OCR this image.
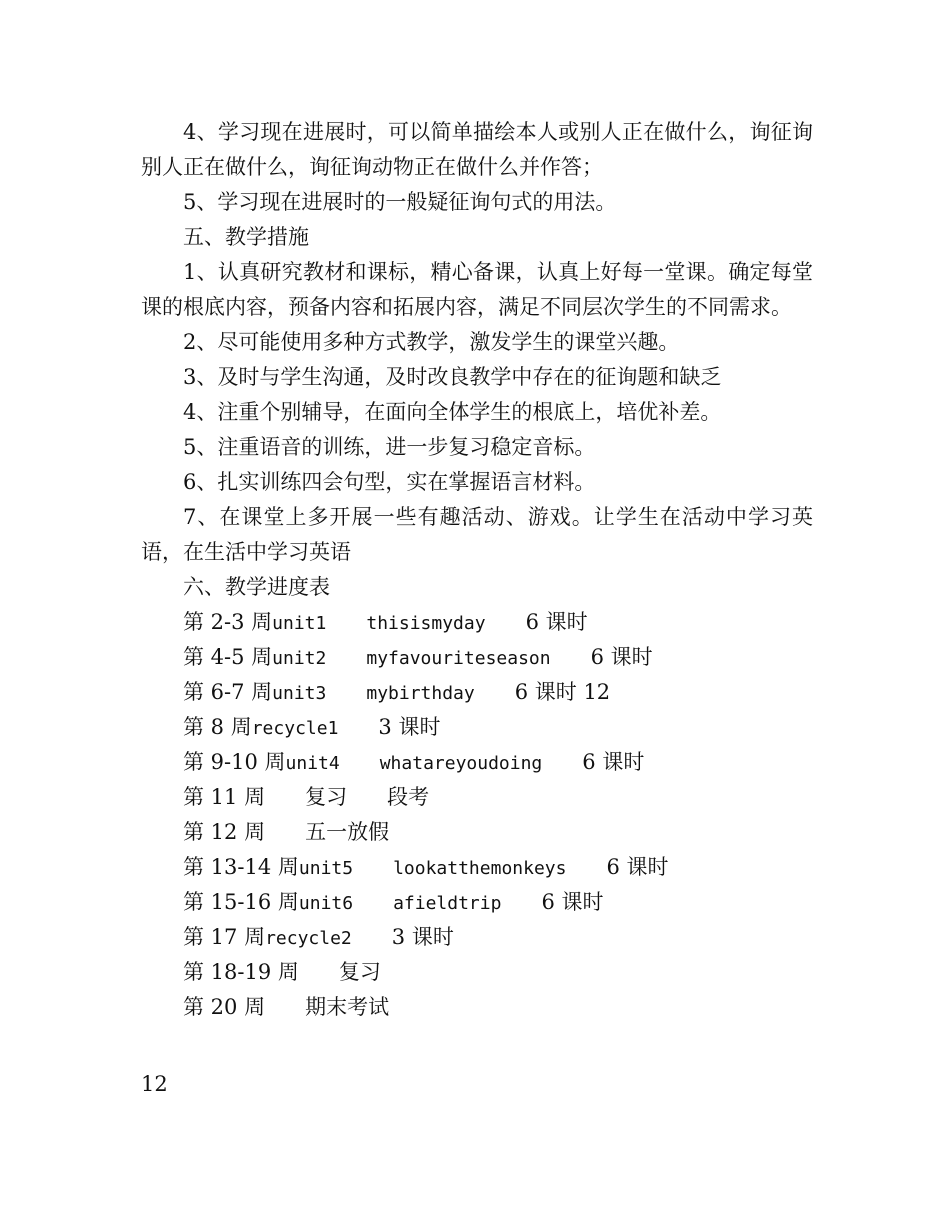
4、学习现在进展时，可以简单描绘本人或别人正在做什么，询征询别人正在做什么，询征询动物正在做什么并作答；

5、学习现在进展时的一般疑征询句式的用法。

五、教学措施

1、认真研究教材和课标，精心备课，认真上好每一堂课。确定每堂课的根底内容，预备内容和拓展内容，满足不同层次学生的不同需求。

2、尽可能使用多种方式教学，激发学生的课堂兴趣。

3、及时与学生沟通，及时改良教学中存在的征询题和缺乏

4、注重个别辅导，在面向全体学生的根底上，培优补差。

5、注重语音的训练，进一步复习稳定音标。

6、扎实训练四会句型，实在掌握语言材料。

7、在课堂上多开展一些有趣活动、游戏。让学生在活动中学习英语，在生活中学习英语

六、教学进度表

第 2-3 周unit1 thisismyday 6 课时

第 4-5 周unit2 myfavouriteseason 6 课时

第 6-7 周unit3 mybirthday 6 课时 12

第 8 周recycle1 3 课时

第 9-10 周unit4 whatareyoudoing 6 课时

第 11 周 复习 段考

第 12 周 五一放假

第 13-14 周unit5 lookatthemonkeys 6 课时

第 15-16 周unit6 afieldtrip 6 课时

第 17 周recycle2 3 课时

第 18-19 周 复习

第 20 周 期末考试

12
